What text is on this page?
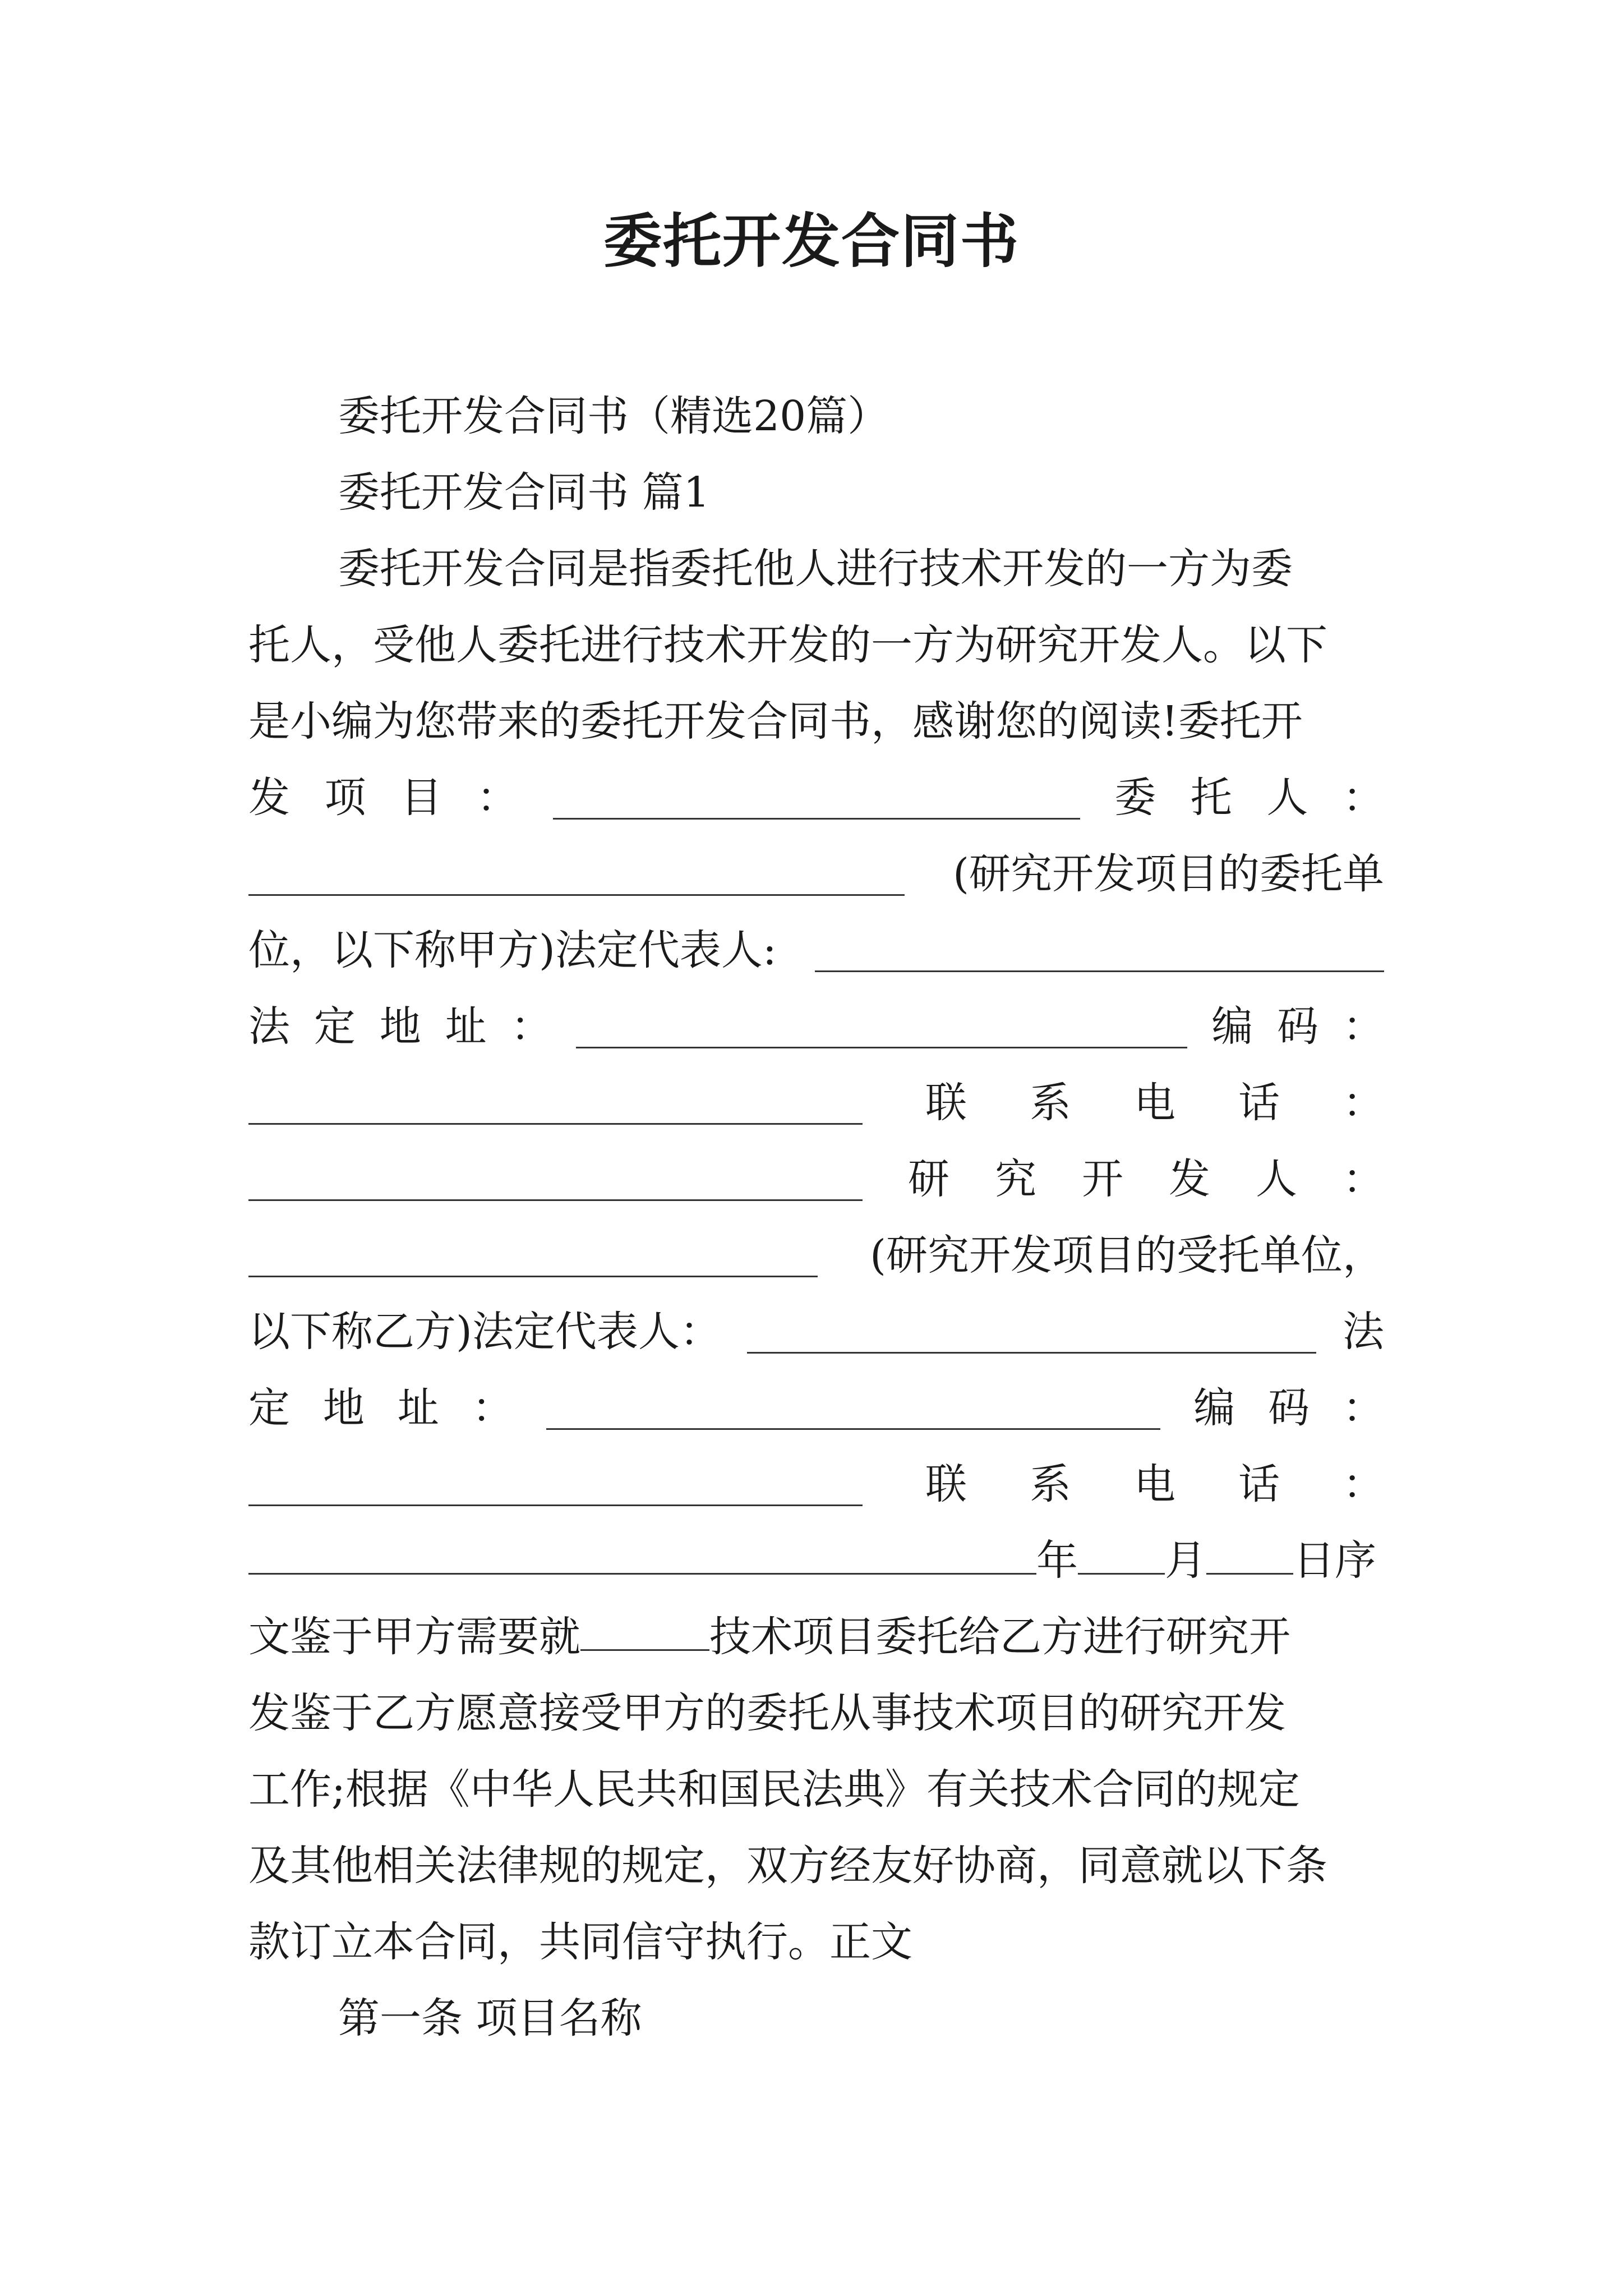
委托开发合同书
委托开发合同书（精选20篇）
委托开发合同书 篇1
委托开发合同是指委托他人进行技术开发的一方为委
托人，受他人委托进行技术开发的一方为研究开发人。以下
是小编为您带来的委托开发合同书，感谢您的阅读!委托开
发 项 目 ：	委 托 人 ：
(研究开发项目的委托单
位，以下称甲方)法定代表人:
法 定 地 址 ：	编 码 ：
联 系 电 话 ：
研 究 开 发 人 ：
(研究开发项目的受托单位，
以下称乙方)法定代表人：	法
定 地 址 ：	编 码 ：
联 系 电 话 ：
年 月 日序
文鉴于甲方需要就	技术项目委托给乙方进行研究开
发鉴于乙方愿意接受甲方的委托从事技术项目的研究开发
工作;根据《中华人民共和国民法典》有关技术合同的规定
及其他相关法律规的规定，双方经友好协商，同意就以下条
款订立本合同，共同信守执行。正文
第一条 项目名称
